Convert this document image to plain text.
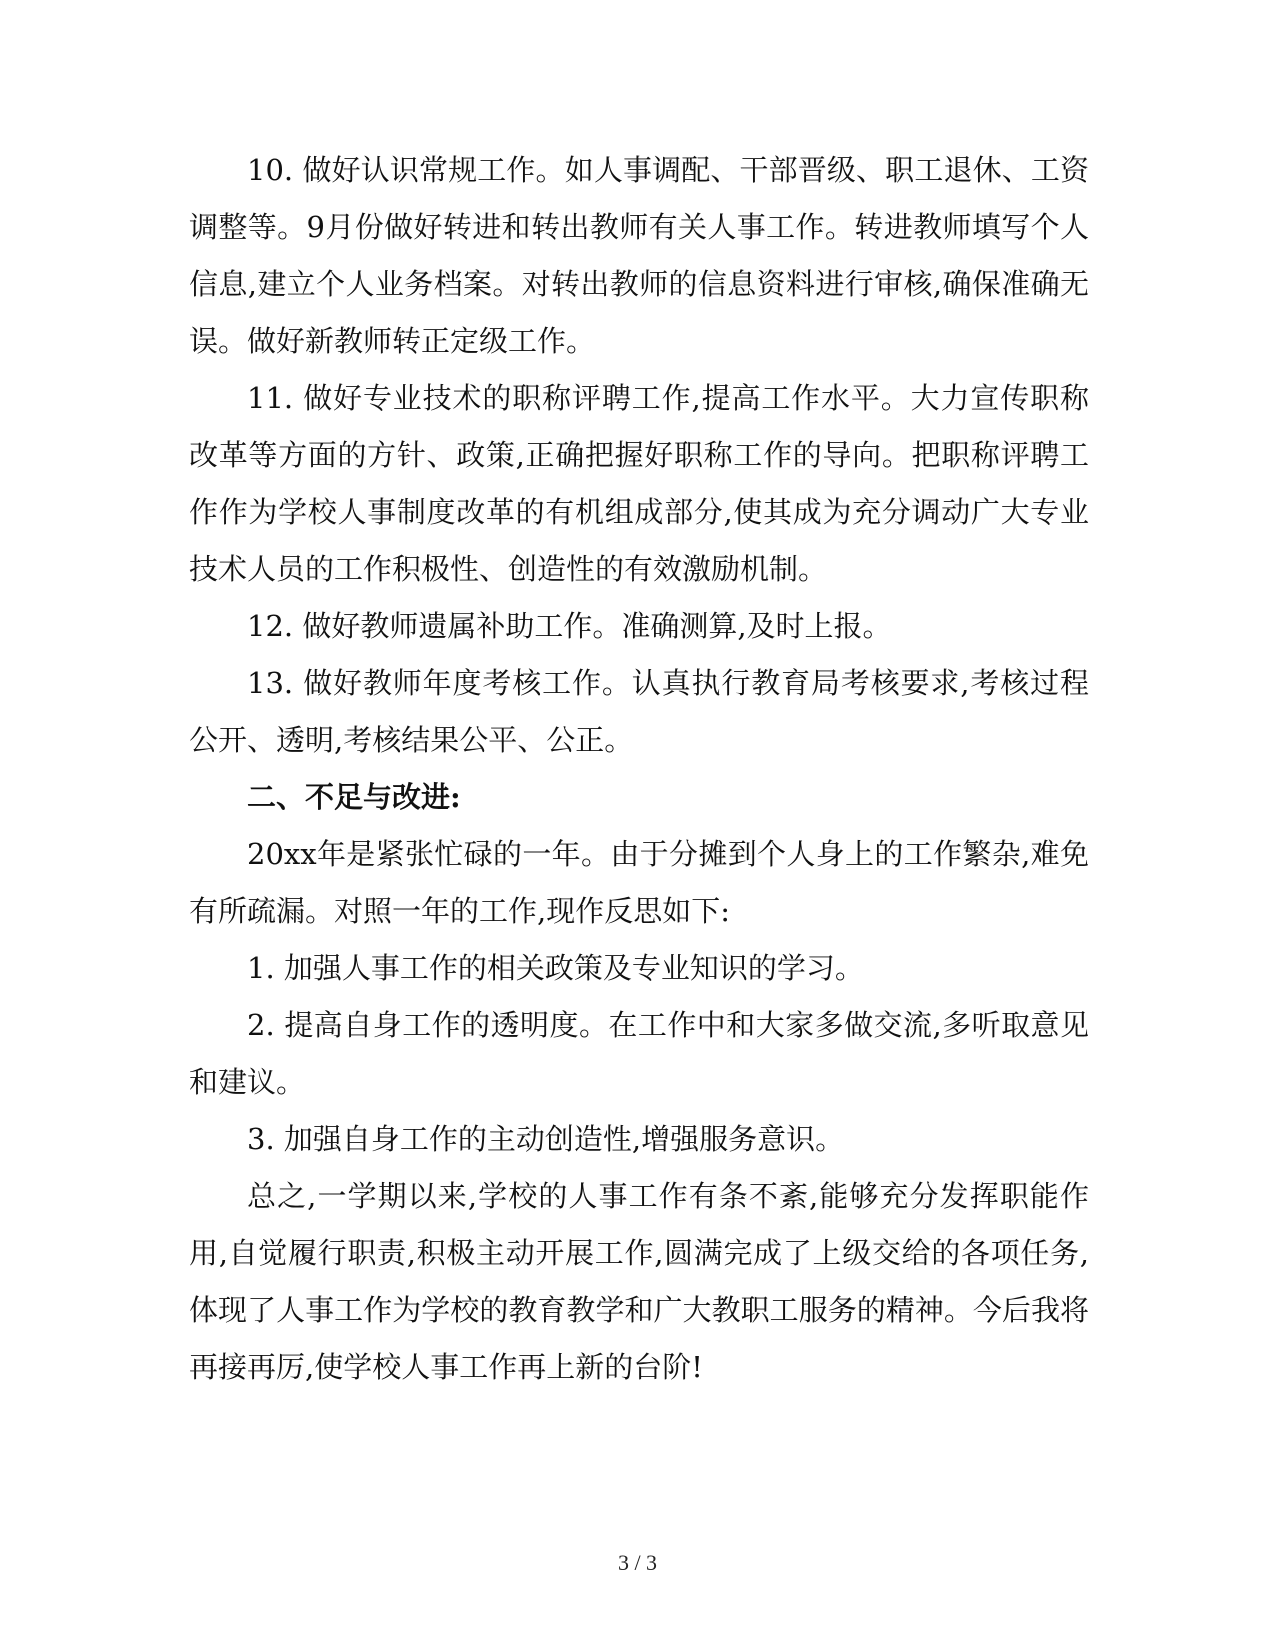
10. 做好认识常规工作。如人事调配、干部晋级、职工退休、工资调整等。9月份做好转进和转出教师有关人事工作。转进教师填写个人信息,建立个人业务档案。对转出教师的信息资料进行审核,确保准确无误。做好新教师转正定级工作。

11. 做好专业技术的职称评聘工作,提高工作水平。大力宣传职称改革等方面的方针、政策,正确把握好职称工作的导向。把职称评聘工作作为学校人事制度改革的有机组成部分,使其成为充分调动广大专业技术人员的工作积极性、创造性的有效激励机制。

12. 做好教师遗属补助工作。准确测算,及时上报。

13. 做好教师年度考核工作。认真执行教育局考核要求,考核过程公开、透明,考核结果公平、公正。

二、不足与改进:

20xx年是紧张忙碌的一年。由于分摊到个人身上的工作繁杂,难免有所疏漏。对照一年的工作,现作反思如下:

1. 加强人事工作的相关政策及专业知识的学习。

2. 提高自身工作的透明度。在工作中和大家多做交流,多听取意见和建议。

3. 加强自身工作的主动创造性,增强服务意识。

总之,一学期以来,学校的人事工作有条不紊,能够充分发挥职能作用,自觉履行职责,积极主动开展工作,圆满完成了上级交给的各项任务,体现了人事工作为学校的教育教学和广大教职工服务的精神。今后我将再接再厉,使学校人事工作再上新的台阶!

3 / 3
